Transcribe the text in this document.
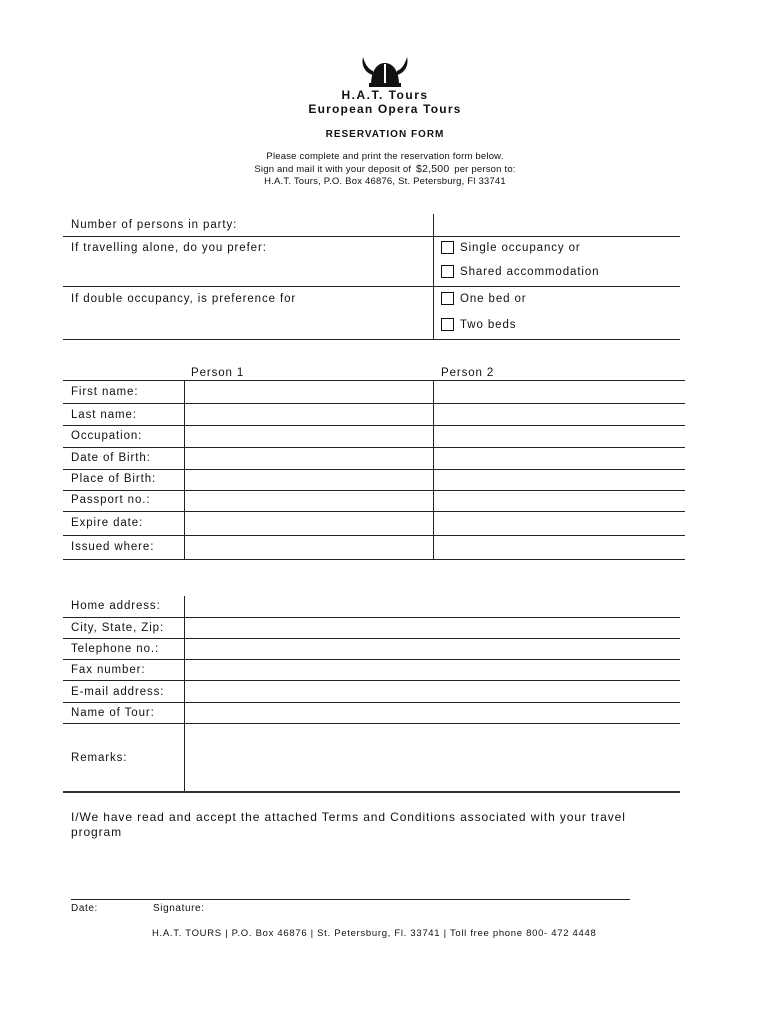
H.A.T. Tours
European Opera Tours
RESERVATION FORM
Please complete and print the reservation form below.
Sign and mail it with your deposit of $2,500 per person to:
H.A.T. Tours, P.O. Box 46876, St. Petersburg, Fl 33741
Number of persons in party:
If travelling alone, do you prefer:	Single occupancy or
Shared accommodation
If double occupancy, is preference for	One bed or
Two beds
Person 1	Person 2
First name:
Last name:
Occupation:
Date of Birth:
Place of Birth:
Passport no.:
Expire date:
Issued where:
Home address:
City, State, Zip:
Telephone no.:
Fax number:
E-mail address:
Name of Tour:
Remarks:
I/We have read and accept the attached Terms and Conditions associated with your travel program
Date:	Signature:
H.A.T. TOURS | P.O. Box 46876 | St. Petersburg, Fl. 33741 | Toll free phone 800- 472 4448
